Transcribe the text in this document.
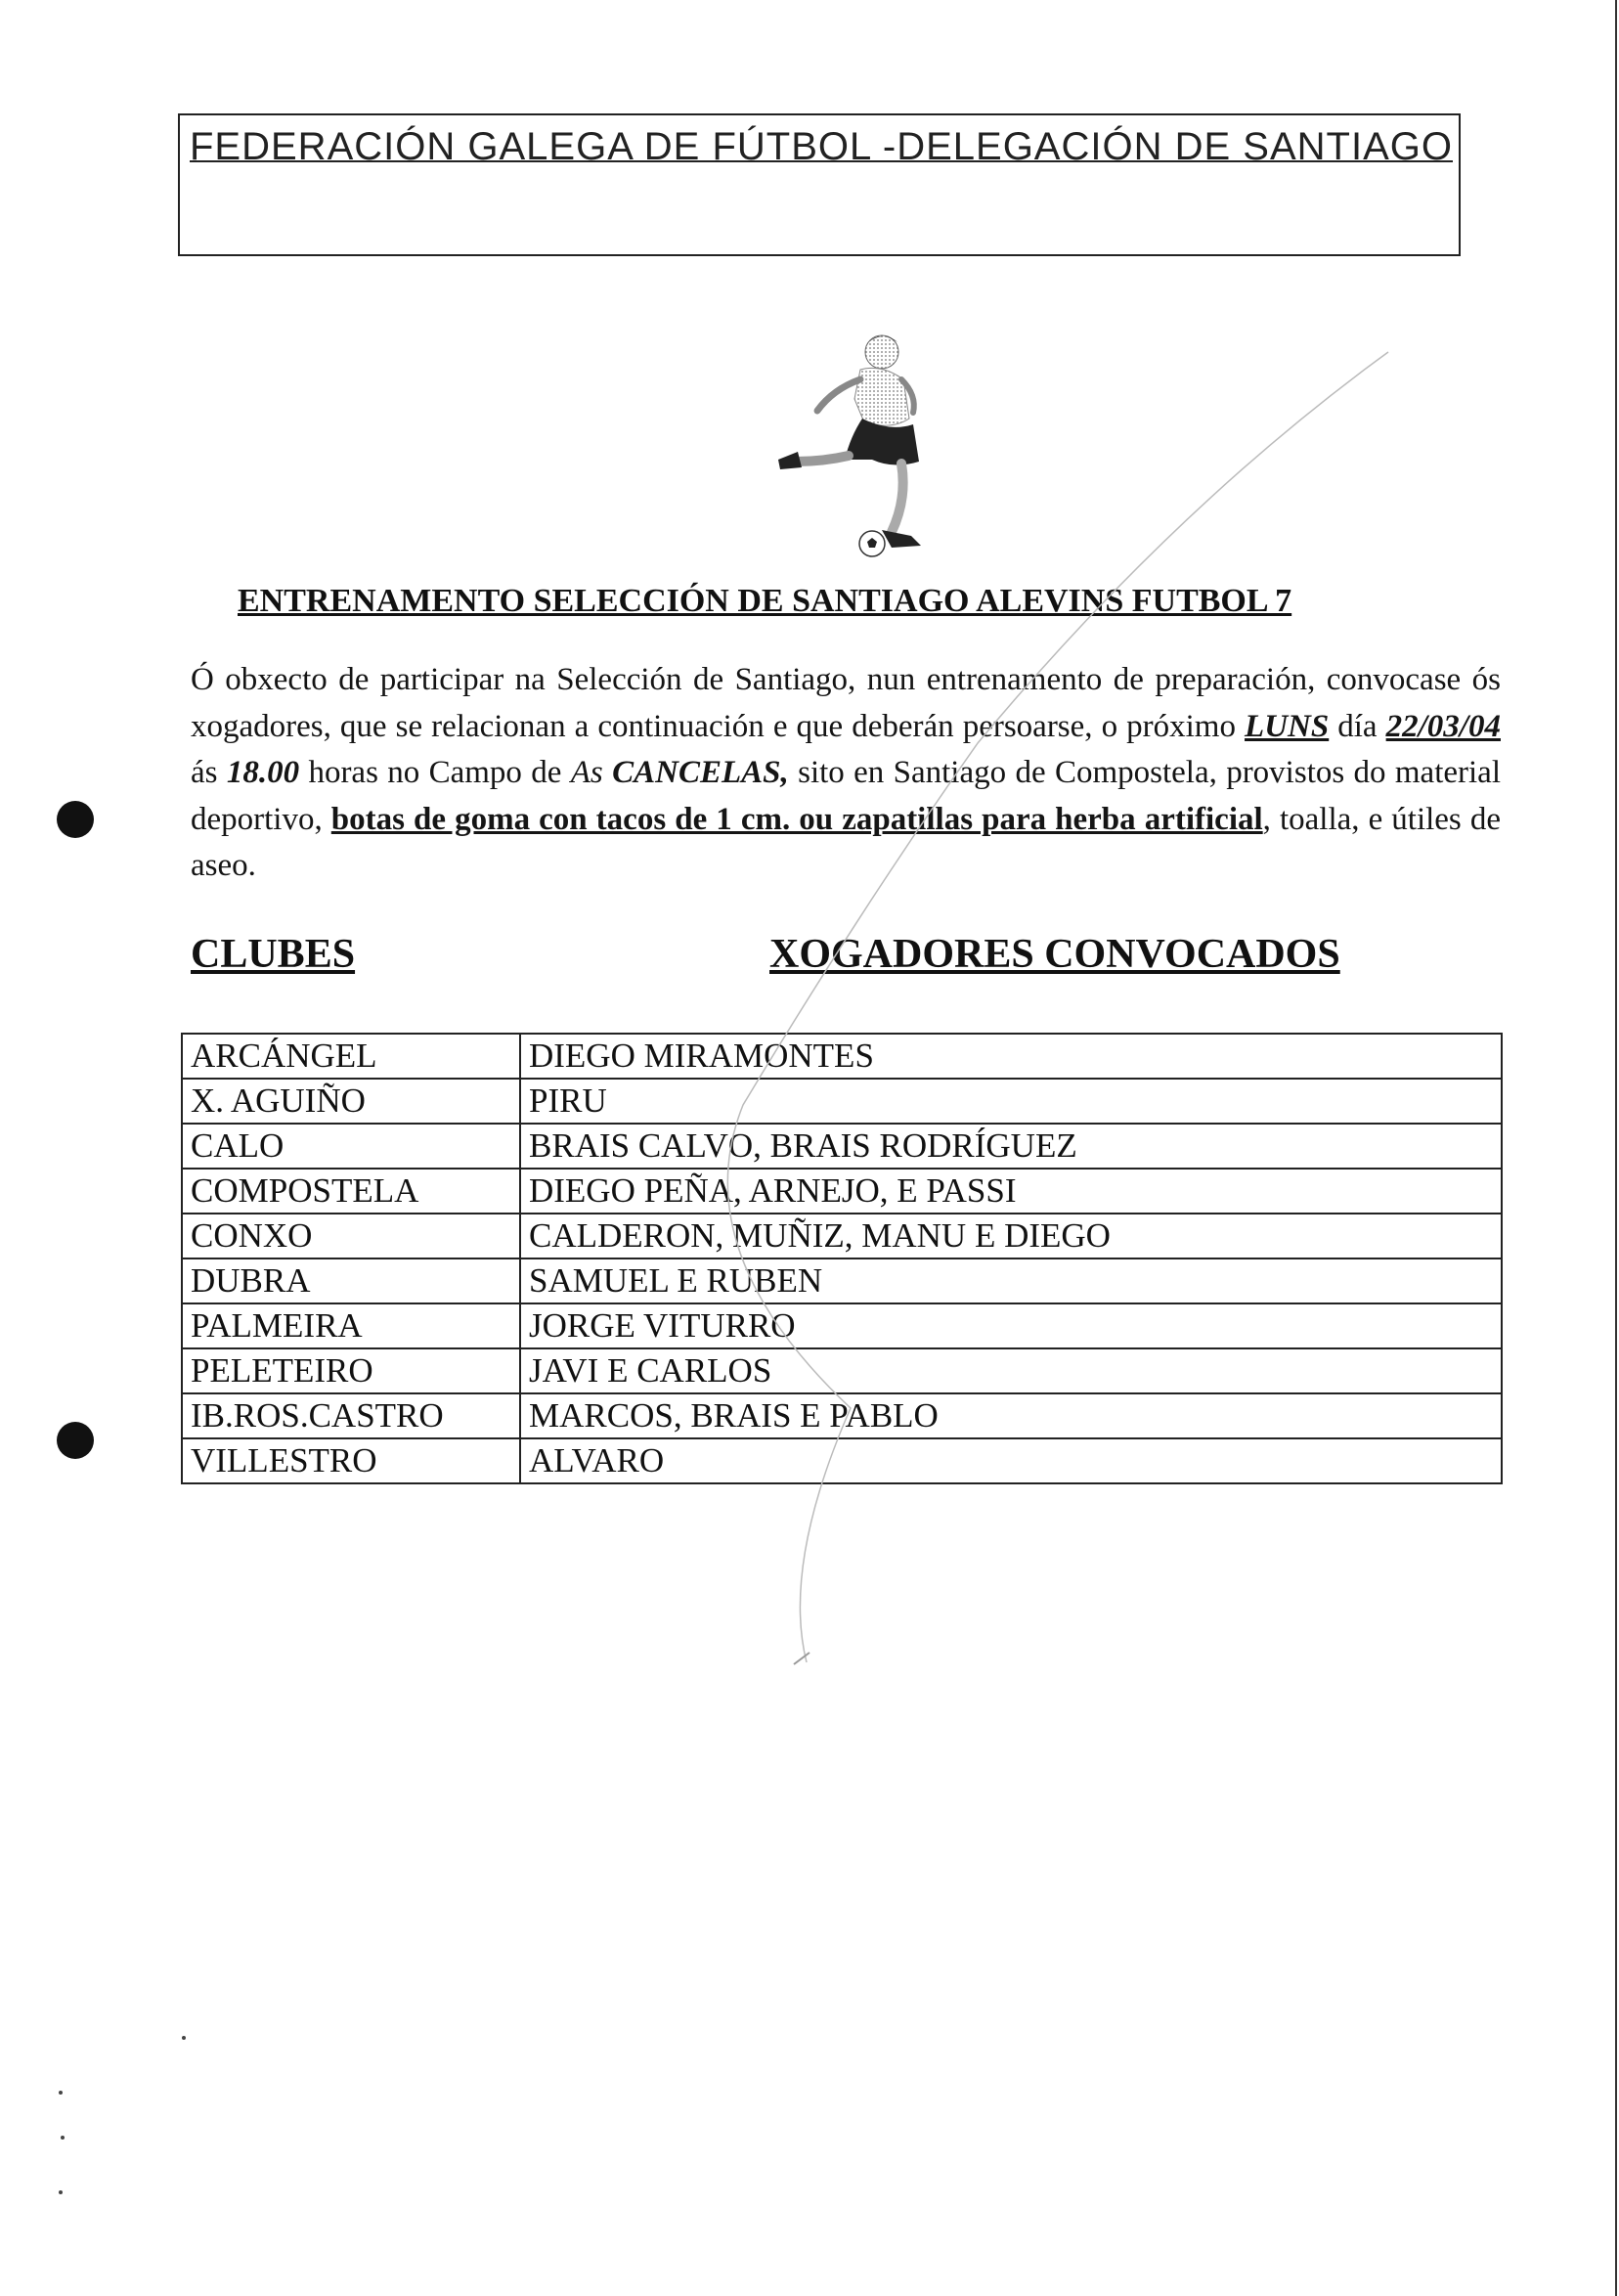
FEDERACIÓN GALEGA DE FÚTBOL -DELEGACIÓN DE SANTIAGO
ENTRENAMENTO SELECCIÓN DE SANTIAGO ALEVINS FUTBOL 7
Ó obxecto de participar na Selección de Santiago, nun entrenamento de preparación, convocase ós xogadores, que se relacionan a continuación e que deberán persoarse, o próximo LUNS día 22/03/04 ás 18.00 horas no Campo de As CANCELAS, sito en Santiago de Compostela, provistos do material deportivo, botas de goma con tacos de 1 cm. ou zapatillas para herba artificial, toalla, e útiles de aseo.
CLUBES	XOGADORES CONVOCADOS
ARCÁNGEL	DIEGO MIRAMONTES
X. AGUIÑO	PIRU
CALO	BRAIS CALVO, BRAIS RODRÍGUEZ
COMPOSTELA	DIEGO PEÑA, ARNEJO, E PASSI
CONXO	CALDERON, MUÑIZ, MANU E DIEGO
DUBRA	SAMUEL E RUBEN
PALMEIRA	JORGE VITURRO
PELETEIRO	JAVI E CARLOS
IB.ROS.CASTRO	MARCOS, BRAIS E PABLO
VILLESTRO	ALVARO
